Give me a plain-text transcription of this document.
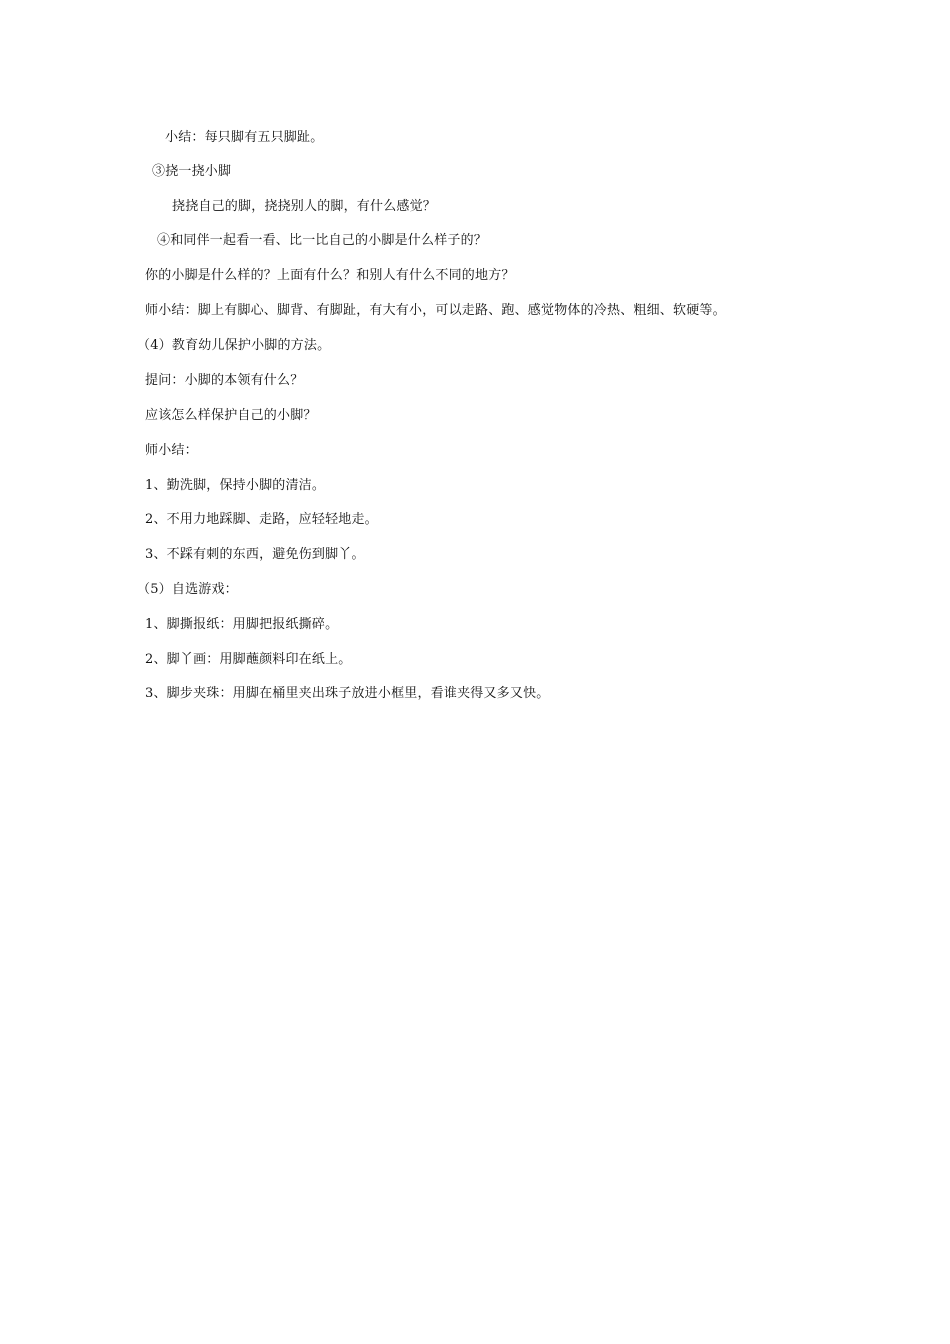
小结：每只脚有五只脚趾。
③挠一挠小脚
挠挠自己的脚，挠挠别人的脚，有什么感觉？
④和同伴一起看一看、比一比自己的小脚是什么样子的？
你的小脚是什么样的？上面有什么？和别人有什么不同的地方？
师小结：脚上有脚心、脚背、有脚趾，有大有小，可以走路、跑、感觉物体的冷热、粗细、软硬等。
（4）教育幼儿保护小脚的方法。
提问：小脚的本领有什么？
应该怎么样保护自己的小脚？
师小结：
1、勤洗脚，保持小脚的清洁。
2、不用力地踩脚、走路，应轻轻地走。
3、不踩有刺的东西，避免伤到脚丫。
（5）自选游戏：
1、脚撕报纸：用脚把报纸撕碎。
2、脚丫画：用脚蘸颜料印在纸上。
3、脚步夹珠：用脚在桶里夹出珠子放进小框里，看谁夹得又多又快。
